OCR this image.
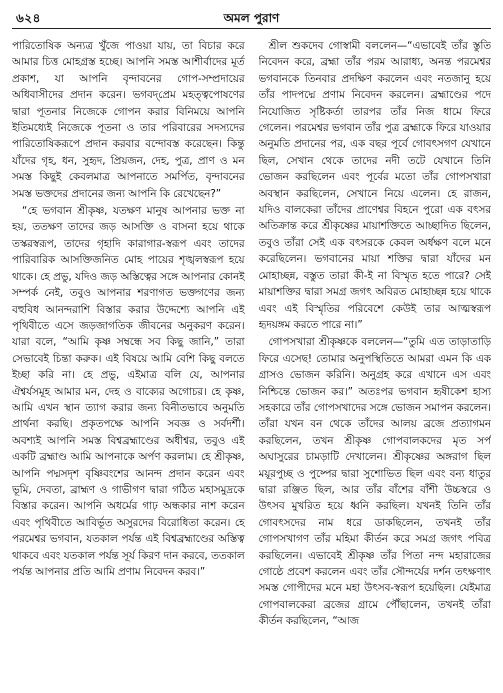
৬২৪	অমল পুরাণ

পারিতোষিক অন্যত্র খুঁজে পাওয়া যায়, তা বিচার করে আমার চিত্ত মোহগ্রস্ত হচ্ছে। আপনি সমস্ত আশীর্বাদের মূর্ত প্রকাশ, যা আপনি বৃন্দাবনের গোপ-সম্প্রদায়ের অধিবাসীদের প্রদান করেন। ভগবদ্‌প্রেম মহত্ত্বপোষণের দ্বারা পূতনার নিজেকে গোপন করার বিনিময়ে আপনি ইতিমধ্যেই নিজেকে পূতনা ও তার পরিবারের সদস্যদের পারিতোষিকরূপে প্রদান করবার বন্দোবস্ত করেছেন। কিন্তু যাঁদের গৃহ, ধন, সুহৃদ, প্রিয়জন, দেহ, পুত্র, প্রাণ ও মন সমস্ত কিছুই কেবলমাত্র আপনাতে সমর্পিত, বৃন্দাবনের সমস্ত ভক্তদের প্রদানের জন্য আপনি কি রেখেছেন?”

“হে ভগবান শ্রীকৃষ্ণ, যতক্ষণ মানুষ আপনার ভক্ত না হয়, ততক্ষণ তাদের জড় আসক্তি ও বাসনা হয়ে থাকে তস্করস্বরূপ, তাদের গৃহাদি কারাগার-স্বরূপ এবং তাদের পারিবারিক আসক্তিজনিত মোহ পায়ের শৃঙ্খলস্বরূপ হয়ে থাকে। হে প্রভু, যদিও জড় অস্তিত্বের সঙ্গে আপনার কোনই সম্পর্ক নেই, তবুও আপনার শরণাগত ভক্তগণের জন্য বহুবিধ আনন্দরাশি বিস্তার করার উদ্দেশ্যে আপনি এই পৃথিবীতে এসে জড়জাগতিক জীবনের অনুকরণ করেন। যারা বলে, “আমি কৃষ্ণ সম্বন্ধে সব কিছু জানি,” তারা সেভাবেই চিন্তা করুক। এই বিষয়ে আমি বেশি কিছু বলতে ইচ্ছা করি না। হে প্রভু, এইমাত্র বলি যে, আপনার ঐশ্বর্যসমূহ আমার মন, দেহ ও বাক্যের অগোচর। হে কৃষ্ণ, আমি এখন স্থান ত্যাগ করার জন্য বিনীতভাবে অনুমতি প্রার্থনা করছি। প্রকৃতপক্ষে আপনি সবজ্ঞ ও সর্বদর্শী। অবশ্যই আপনি সমস্ত বিশ্বব্রহ্মাণ্ডের অধীশ্বর, তবুও এই একটি ব্রহ্মাণ্ড আমি আপনাকে অর্পণ করলাম। হে শ্রীকৃষ্ণ, আপনি পদ্মসদৃশ বৃষ্ণিবংশের আনন্দ প্রদান করেন এবং ভূমি, দেবতা, ব্রাহ্মণ ও গাভীগণ দ্বারা গঠিত মহাসমুদ্রকে বিস্তার করেন। আপনি অধর্মের গাঢ় অন্ধকার নাশ করেন এবং পৃথিবীতে আবির্ভূত অসুরদের বিরোধিতা করেন। হে পরমেশ্বর ভগবান, যতকাল পর্যন্ত এই বিশ্বব্রহ্মাণ্ডের অস্তিত্ব থাকবে এবং যতকাল পর্যন্ত সূর্য কিরণ দান করবে, ততকাল পর্যন্ত আপনার প্রতি আমি প্রণাম নিবেদন করব।”

শ্রীল শুকদেব গোস্বামী বললেন—“এভাবেই তাঁর স্তুতি নিবেদন করে, ব্রহ্মা তাঁর পরম আরাধ্য, অনন্ত পরমেশ্বর ভগবানকে তিনবার প্রদক্ষিণ করলেন এবং নতজানু হয়ে তাঁর পাদপদ্মে প্রণাম নিবেদন করলেন। ব্রহ্মাণ্ডের পদে নিযোজিত সৃষ্টিকর্তা তারপর তাঁর নিজ ধামে ফিরে গেলেন। পরমেশ্বর ভগবান তাঁর পুত্র ব্রহ্মাকে ফিরে যাওয়ার অনুমতি প্রদানের পর, এক বছর পূর্বে গোবৎসগণ যেখানে ছিল, সেখান থেকে তাদের নদী তটে যেখানে তিনি ভোজন করছিলেন এবং পূর্বের মতো তাঁর গোপসখারা অবস্থান করছিলেন, সেখানে নিয়ে এলেন। হে রাজন, যদিও বালকেরা তাঁদের প্রাণেশ্বর বিহনে পুরো এক বৎসর অতিক্রান্ত করে শ্রীকৃষ্ণের মায়াশক্তিতে আচ্ছাদিত ছিলেন, তবুও তাঁরা সেই এক বৎসরকে কেবল অর্ধক্ষণ বলে মনে করেছিলেন। ভগবানের মায়া শক্তির দ্বারা যাঁদের মন মোহাচ্ছন্ন, বস্তুত তারা কী-ই না বিস্মৃত হতে পারে? সেই মায়াশক্তির দ্বারা সমগ্র জগৎ অবিরত মোহাচ্ছন্ন হয়ে থাকে এবং এই বিস্মৃতির পরিবেশে কেউই তার আত্মস্বরূপ হৃদয়ঙ্গম করতে পারে না।”

গোপসখারা শ্রীকৃষ্ণকে বললেন—“তুমি এত তাড়াতাড়ি ফিরে এসেছ! তোমার অনুপস্থিতিতে আমরা এমন কি এক গ্রাসও ভোজন করিনি। অনুগ্রহ করে এখানে এস এবং নিশ্চিন্তে ভোজন কর।” অতঃপর ভগবান হৃষীকেশ হাস্য সহকারে তাঁর গোপসখাদের সঙ্গে ভোজন সমাপন করলেন। তাঁরা যখন বন থেকে তাঁদের আলয় ব্রজে প্রত্যাগমন করছিলেন, তখন শ্রীকৃষ্ণ গোপবালকদের মৃত সর্প অঘাসুরের চামড়াটি দেখালেন। শ্রীকৃষ্ণের অঙ্গরাগ ছিল ময়ূরপুচ্ছ ও পুষ্পের দ্বারা সুশোভিত ছিল এবং বন্য ধাতুর দ্বারা রঞ্জিত ছিল, আর তাঁর বাঁশের বাঁশী উচ্চস্বরে ও উৎসব মুখরিত হয়ে ধ্বনি করছিল। যখনই তিনি তাঁর গোবৎসদের নাম ধরে ডাকছিলেন, তখনই তাঁর গোপসখাগণ তাঁর মহিমা কীর্তন করে সমগ্র জগৎ পবিত্র করছিলেন। এভাবেই শ্রীকৃষ্ণ তাঁর পিতা নন্দ মহারাজের গোষ্ঠে প্রবেশ করলেন এবং তাঁর সৌন্দর্যের দর্শন তৎক্ষণাৎ সমস্ত গোপীদের মনে মহা উৎসব-স্বরূপ হয়েছিল। যেইমাত্র গোপবালকেরা ব্রজের গ্রামে পৌঁছালেন, তখনই তাঁরা কীর্তন করছিলেন, “আজ
